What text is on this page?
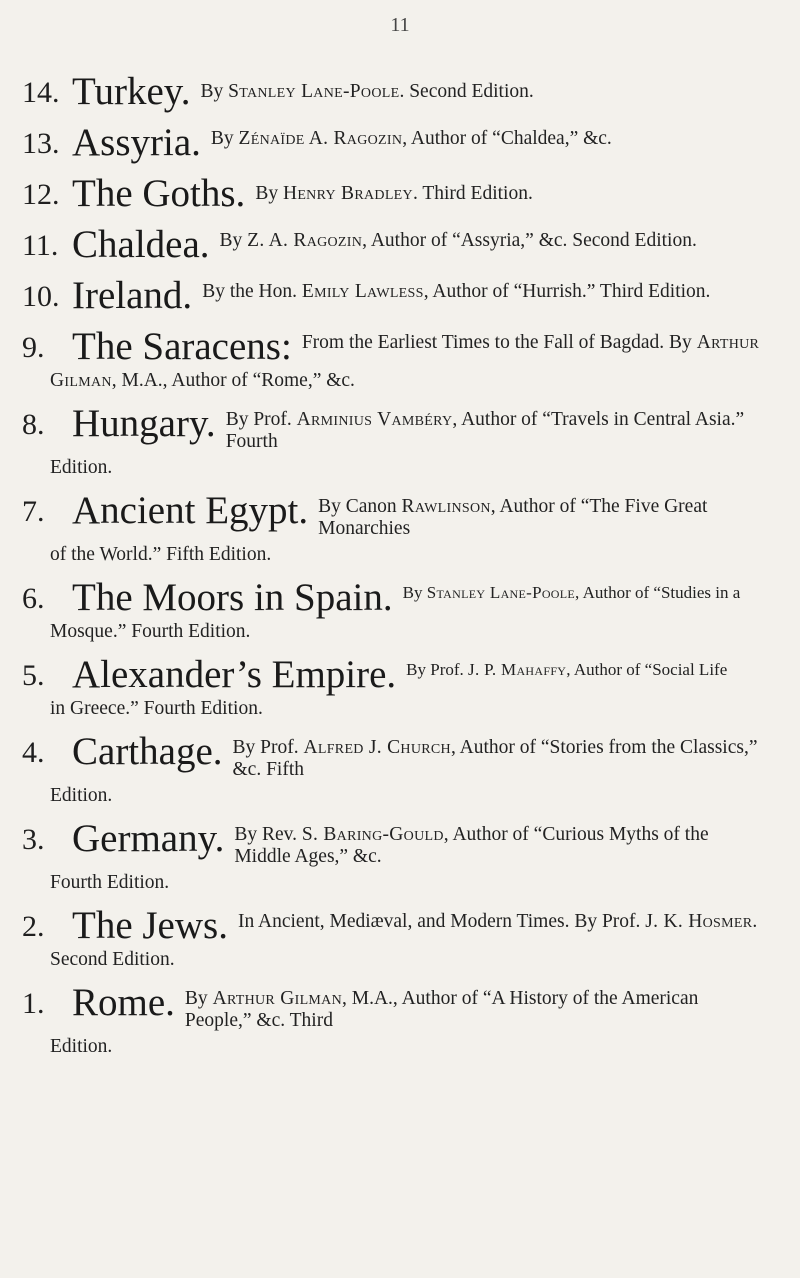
11
14. Turkey. By Stanley Lane-Poole. Second Edition.
13. Assyria. By Zénaïde A. Ragozin, Author of “Chaldea,” &c.
12. The Goths. By Henry Bradley. Third Edition.
11. Chaldea. By Z. A. Ragozin, Author of “Assyria,” &c. Second Edition.
10. Ireland. By the Hon. Emily Lawless, Author of “Hurrish.” Third Edition.
9. The Saracens: From the Earliest Times to the Fall of Bagdad. By Arthur
Gilman, M.A., Author of “Rome,” &c.
8. Hungary. By Prof. Arminius Vambéry, Author of “Travels in Central Asia.” Fourth
Edition.
7. Ancient Egypt. By Canon Rawlinson, Author of “The Five Great Monarchies
of the World.” Fifth Edition.
6. The Moors in Spain. By Stanley Lane-Poole, Author of “Studies in a
Mosque.” Fourth Edition.
5. Alexander’s Empire. By Prof. J. P. Mahaffy, Author of “Social Life
in Greece.” Fourth Edition.
4. Carthage. By Prof. Alfred J. Church, Author of “Stories from the Classics,” &c. Fifth
Edition.
3. Germany. By Rev. S. Baring-Gould, Author of “Curious Myths of the Middle Ages,” &c.
Fourth Edition.
2. The Jews. In Ancient, Mediæval, and Modern Times. By Prof. J. K. Hosmer.
Second Edition.
1. Rome. By Arthur Gilman, M.A., Author of “A History of the American People,” &c. Third
Edition.
